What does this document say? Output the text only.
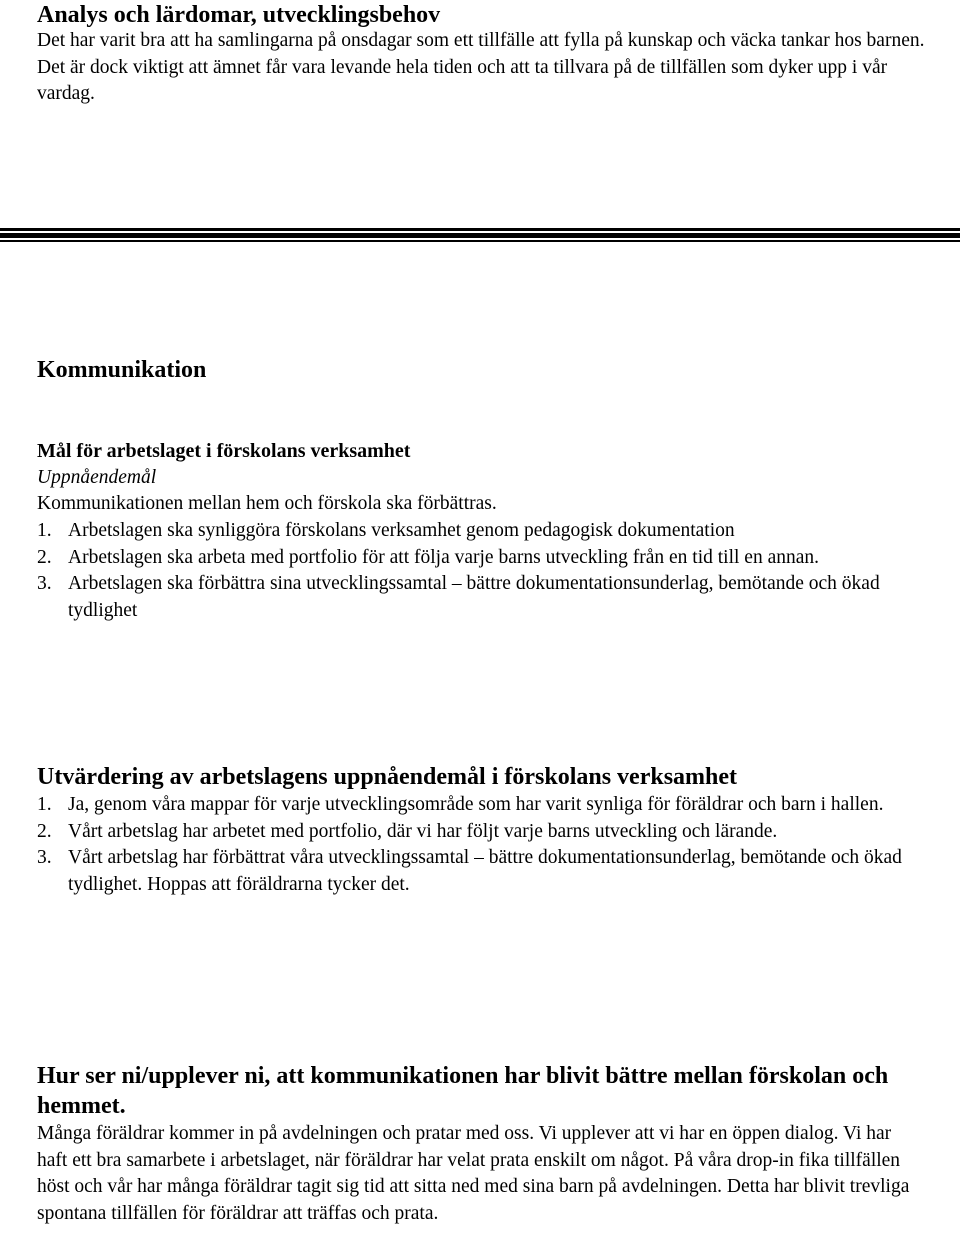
Analys och lärdomar, utvecklingsbehov

Det har varit bra att ha samlingarna på onsdagar som ett tillfälle att fylla på kunskap och väcka tankar hos barnen. Det är dock viktigt att ämnet får vara levande hela tiden och att ta tillvara på de tillfällen som dyker upp i vår vardag.

Kommunikation
Mål för arbetslaget i förskolans verksamhet
Uppnåendemål
Kommunikationen mellan hem och förskola ska förbättras.
1. Arbetslagen ska synliggöra förskolans verksamhet genom pedagogisk dokumentation
2. Arbetslagen ska arbeta med portfolio för att följa varje barns utveckling från en tid till en annan.
3. Arbetslagen ska förbättra sina utvecklingssamtal – bättre dokumentationsunderlag, bemötande och ökad tydlighet
Utvärdering av arbetslagens uppnåendemål i förskolans verksamhet
1. Ja, genom våra mappar för varje utvecklingsområde som har varit synliga för föräldrar och barn i hallen.
2. Vårt arbetslag har arbetet med portfolio, där vi har följt varje barns utveckling och lärande.
3. Vårt arbetslag har förbättrat våra utvecklingssamtal – bättre dokumentationsunderlag, bemötande och ökad tydlighet. Hoppas att föräldrarna tycker det.
Hur ser ni/upplever ni, att kommunikationen har blivit bättre mellan förskolan och hemmet.

Många föräldrar kommer in på avdelningen och pratar med oss. Vi upplever att vi har en öppen dialog. Vi har haft ett bra samarbete i arbetslaget, när föräldrar har velat prata enskilt om något. På våra drop-in fika tillfällen höst och vår har många föräldrar tagit sig tid att sitta ned med sina barn på avdelningen. Detta har blivit trevliga spontana tillfällen för föräldrar att träffas och prata.
